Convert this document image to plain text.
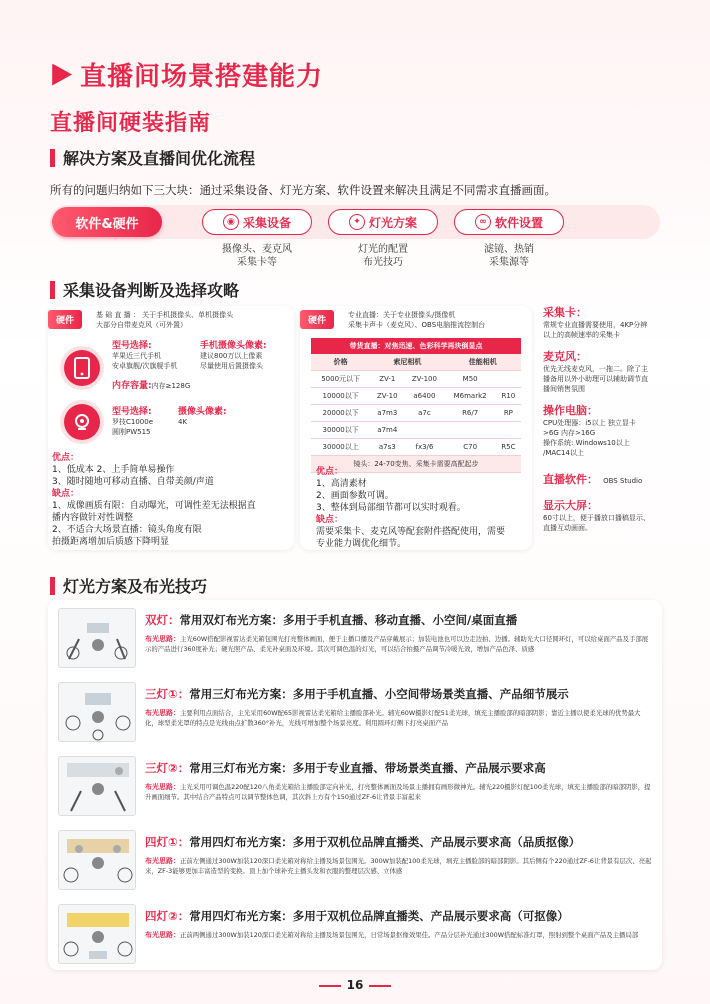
直播间场景搭建能力
直播间硬装指南
解决方案及直播间优化流程
所有的问题归纳如下三大块：通过采集设备、灯光方案、软件设置来解决且满足不同需求直播画面。
软件&硬件	◉ 采集设备	✦ 灯光方案	∞ 软件设置
摄像头、麦克风
采集卡等
灯光的配置
布光技巧
滤镜、热销
采集源等
采集设备判断及选择攻略
硬件
基 础 直 播 ： 关于手机摄像头、单机摄像头
大部分自带麦克风（可外置）
型号选择:
苹果近三代手机
安卓旗舰/次旗舰手机
手机摄像头像素:
建议800万以上像素
尽量使用后置摄像头
内存容量:内存≥128G
型号选择:
罗技C1000e
圆刚PW515
摄像头像素:
4K
优点：
1、低成本 2、上手简单易操作
3、随时随地可移动直播、自带美颜/声道
缺点：
1、成像画质有限：自动曝光，可调性差无法根据直
播内容做针对性调整
2、不适合大场景直播：镜头角度有限
拍摄距离增加后质感下降明显
硬件
专业直播：关于专业摄像头/摄像机
采集卡声卡（麦克风）、OBS电脑推流控制台
带货直播：对焦迅速、色彩科学再块倒显点				
价格	索尼相机		佳能相机	
5000元以下	ZV-1	ZV-100	M50	
10000以下	ZV-10	a6400	M6mark2	R10
20000以下	a7m3	a7c	R6/7	RP
30000以下	a7m4			
30000以上	a7s3	fx3/6	C70	R5C
镜头：24-70变焦、采集卡需要高配起步				
优点：
1、高清素材
2、画面参数可调。
3、整体到局部细节都可以实时观看。
缺点：
需要采集卡、麦克风等配套附件搭配使用，需要
专业能力调优化细节。
采集卡：
常规专业直播需要使用，4KP分辨
以上的高帧速率的采集卡
麦克风：
优先无线麦克风，一拖二。除了主
播备用以外小助理可以辅助调节直
播间销售氛围
操作电脑：
CPU处理器：i5以上 独立显卡
>6G 内存>16G
操作系统: Windows10以上
/MAC14以上
直播软件： OBS Studio
显示大屏：
60寸以上，便于播放口播稿显示、
直播互动画面。
灯光方案及布光技巧
双灯：常用双灯布光方案：多用于手机直播、移动直播、小空间/桌面直播
布光思路：主光60W搭配影视雷达柔光箱包围光打亮整体画面，便于主播口播及产品穿戴展示；加装电池也可以边走边拍、边播。辅助光大口径圆环灯，可以给桌面产品及手部展示的产品进行360度补光；硬光照产品、柔光补桌面及环境。其次可调色温的灯光，可以结合拍摄产品调节冷暖光效，增加产品色泽、质感
三灯①：常用三灯布光方案：多用于手机直播、小空间带场景类直播、产品细节展示
布光思路：主要利用点面结合，主光采用60W配65影视雷达柔光箱给主播脸部补光。辅光60W摄影灯配51柔光球，填充主播脸部的暗部阴影；靠近主播以使柔光球的优势最大化，球型柔光罩的特点是光线由点扩散360°补光，光线可增加整个场景亮度。利用圆环灯侧下打亮桌面产品
三灯②：常用三灯布光方案：多用于专业直播、带场景类直播、产品展示要求高
布光思路：主光采用可调色温220配120八角柔光箱给主播脸部定向补光，打亮整体画面及场景主播拥有画形微神光。辅光220摄影灯配100柔光球，填充主播脸部的暗部阴影，提升画面细节。其中结合产品特点可以调节整体色调，其次斜上方有个150通过ZF-6让背景丰富起来
四灯①：常用四灯布光方案：多用于双机位品牌直播类、产品展示要求高（品质抠像）
布光思路：正前左侧通过300W加装120深口柔光箱对称给主播及场景包围光。300W加装配100柔光球，填充主播脸部的暗部阴影。其后侧有个220通过ZF-6让背景有层次、亮起来，ZF-3能够更加丰富造型的变换。顶上加个球补充主播头发和衣服的整理层次感、立体感
四灯②：常用四灯布光方案：多用于双机位品牌直播类、产品展示要求高（可抠像）
布光思路：正前两侧通过300W加装120深口柔光箱对称给主播及场景包围光，日常场景抠像效果佳。产品分层补光通过300W搭配标准灯罩，照射到整个桌面产品及主播局部
16
